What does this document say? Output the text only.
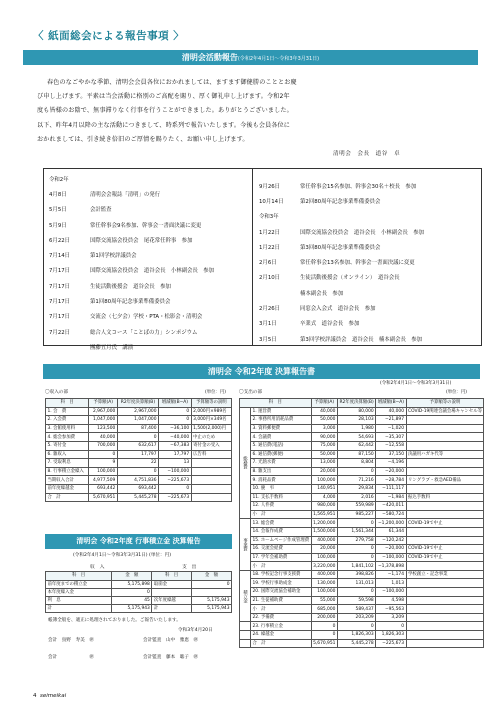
〈 紙面総会による報告事項 〉
清明会活動報告(令和2年4月1日〜令和3年3月31日)

春色のなごやかな季節、清明会会員各位におかれましては、ますます御健勝のこととお慶

び申し上げます。平素は当会活動に格別のご高配を賜り、厚く御礼申し上げます。令和2年

度も皆様のお陰で、無事滞りなく行事を行うことができました。ありがとうございました。

以下、昨年4月以降の主な活動につきまして、時系列で報告いたします。今後も会員各位に

おかれましては、引き続き倍旧のご厚情を賜りたく、お願い申し上げます。

清明会　会長　道谷　卓
令和2年
4月8日	清明会会報誌「清明」の発行
5月5日	会計監査
5月9日	常任幹事会9名参加、幹事会一書面決議に変更
6月22日	国際交流協会役員会　尾花常任幹事　参加
7月14日	第1回学校評議員会
7月17日	国際交流協会役員会　道谷会長　小林副会長　参加
7月17日	生徒活動後援会　道谷会長　参加
7月17日	第1回80周年記念事業準備委員会
7月17日	交流会（七夕会）学校・PTA・松影会・清明会
7月22日	総合人文コース「ことばの力」シンポジウム
團藤五月氏　講演
9月26日	常任幹事会15名参加、幹事会30名＋校長　参加
10月14日	第2回80周年記念事業準備委員会
令和3年
1月22日	国際交流協会役員会　道谷会長　小林副会長　参加
1月22日	第3回80周年記念事業準備委員会
2月6日	常任幹事会13名参加、幹事会一書面決議に変更
2月10日	生徒活動後援会（オンライン）　道谷会長
楠本副会長　参加
2月26日	同窓会入会式　道谷会長　参加
3月1日	卒業式　道谷会長　参加
3月5日	第3回学校評議員会　道谷会長　楠本副会長　参加
清明会 令和2年度 決算報告書
(令和2年4月1日〜令和3年3月31日)
〇収入の部	(単位：円)
科　目	予算額(A)	R2年度決算額(B)	増減額(B−A)	予算額等の説明
1. 会　費	2,967,000	2,967,000	0	2,000円×989名
2. 入会費	1,047,000	1,047,000	0	3,000円×349名
3. 会館使用料	123,500	87,400	−36,100	1,500(2,000)円
4. 総会参加費	40,000	0	−40,000	中止のため
5. 寄付金	700,000	632,617	−67,383	寄付金の受入
6. 雑収入	0	17,797	17,797	広告料
7. 受取利息	9	22	13	
8. 行事積立金繰入	100,000	0	−100,000	
当期収入合計	4,977,509	4,751,836	−225,673	
前年度繰越金	693,442	693,442	0	
合　計	5,670,951	5,445,278	−225,673	
清明会 令和2年度 行事積立金 決算報告
(令和2年4月1日〜令和3年3月31日) (単位：円)
収　入	支　出
科　目	金　額	科　目	金　額
前年度までの積立金	5,175,898	取崩金	0
本年度繰入金	0		
利　息	45	次年度繰越	5,175,943
計	5,175,943	計	5,175,943
帳簿全般を、適正に処理されておりました。ご報告いたします。
令和3年4月20日
会計　鳥野　寿美　㊞	会計監査　山中　雅恵　㊞
会計　　　　　　　㊞	会計監査　藤本　聡子　㊞
〇支出の部	(単位：円)
科　目		予算額(A)	R2年度決算額(B)	増減額(B−A)	予算額等の説明
総務費	1. 運営費	40,000	80,000	40,000	COVID-19関連会議会場キャンセル等
	2. 事務所用消耗品費	50,000	28,103	−21,897	
	3. 資料郵便費	3,000	1,980	−1,020	
	4. 会議費	90,000	54,693	−35,307	
	5. 通信費(電話)	75,000	62,442	−12,558	
	6. 通信費(郵便)	50,000	87,150	37,150	決議用ハガキ代等
	7. 光熱水費	13,000	8,804	−4,196	
	8. 雑支出	20,000	0	−20,000	
	9. 消耗品費	100,000	71,216	−28,784	リングラブ・救急AED備品
	10. 慶　弔	140,951	29,834	−111,117	
	11. 支払手数料	4,000	2,016	−1,984	振込手数料
	12. 人件費	980,000	559,989	−420,011	
	小　計	1,565,951	985,227	−580,724	
事業費	13. 総会費	1,200,000	0	−1,200,000	COVID-19で中止
	14. 会報作成費	1,500,000	1,561,344	61,344	
	15. ホームページ作成管理費	400,000	279,758	−120,242	
	16. 交流会経費	20,000	0	−20,000	COVID-19で中止
	17. 学年会補助費	100,000	0	−100,000	COVID-19で中止
	小　計	3,220,000	1,841,102	−1,378,898	
積立金	18. 学校記念行事支援費	400,000	398,826	−1,174	学校創立・記念事業
	19. 学校行事助成金	130,000	131,013	1,013	
	20. 国際交流協会補助金	100,000	0	−100,000	
	21. 生徒補助費	55,000	59,598	4,598	
	小　計	685,000	589,437	−95,563	
	22. 予備費	200,000	203,209	3,209	
	23. 行事積立金	0	0	0	
	24. 繰越金	0	1,826,303	1,826,303	
	合　計	5,670,951	5,445,278	−225,673	
4 seimeikai
